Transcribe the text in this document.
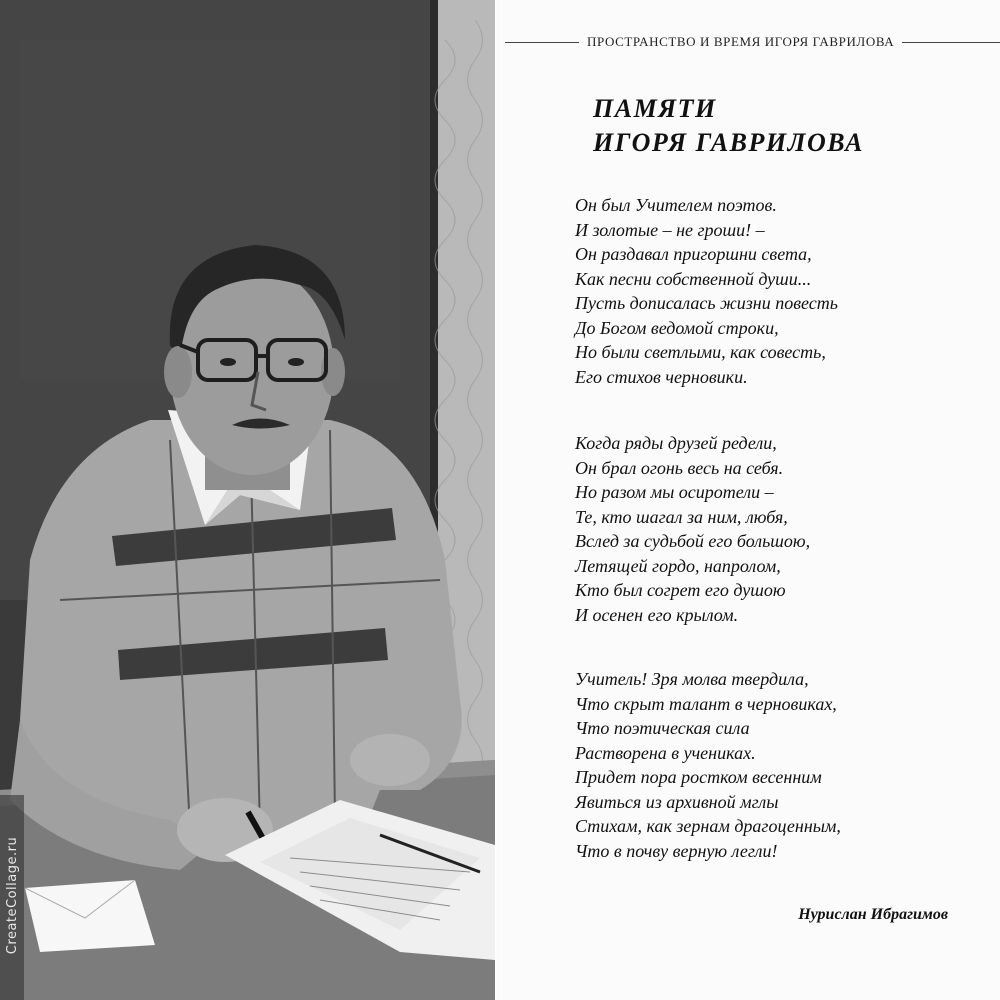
CreateCollage.ru
ПРОСТРАНСТВО И ВРЕМЯ ИГОРЯ ГАВРИЛОВА
ПАМЯТИ
ИГОРЯ ГАВРИЛОВА
Он был Учителем поэтов.
И золотые – не гроши! –
Он раздавал пригоршни света,
Как песни собственной души...
Пусть дописалась жизни повесть
До Богом ведомой строки,
Но были светлыми, как совесть,
Его стихов черновики.
Когда ряды друзей редели,
Он брал огонь весь на себя.
Но разом мы осиротели –
Те, кто шагал за ним, любя,
Вслед за судьбой его большою,
Летящей гордо, напролом,
Кто был согрет его душою
И осенен его крылом.
Учитель! Зря молва твердила,
Что скрыт талант в черновиках,
Что поэтическая сила
Растворена в учениках.
Придет пора ростком весенним
Явиться из архивной мглы
Стихам, как зернам драгоценным,
Что в почву верную легли!
Нурислан Ибрагимов
